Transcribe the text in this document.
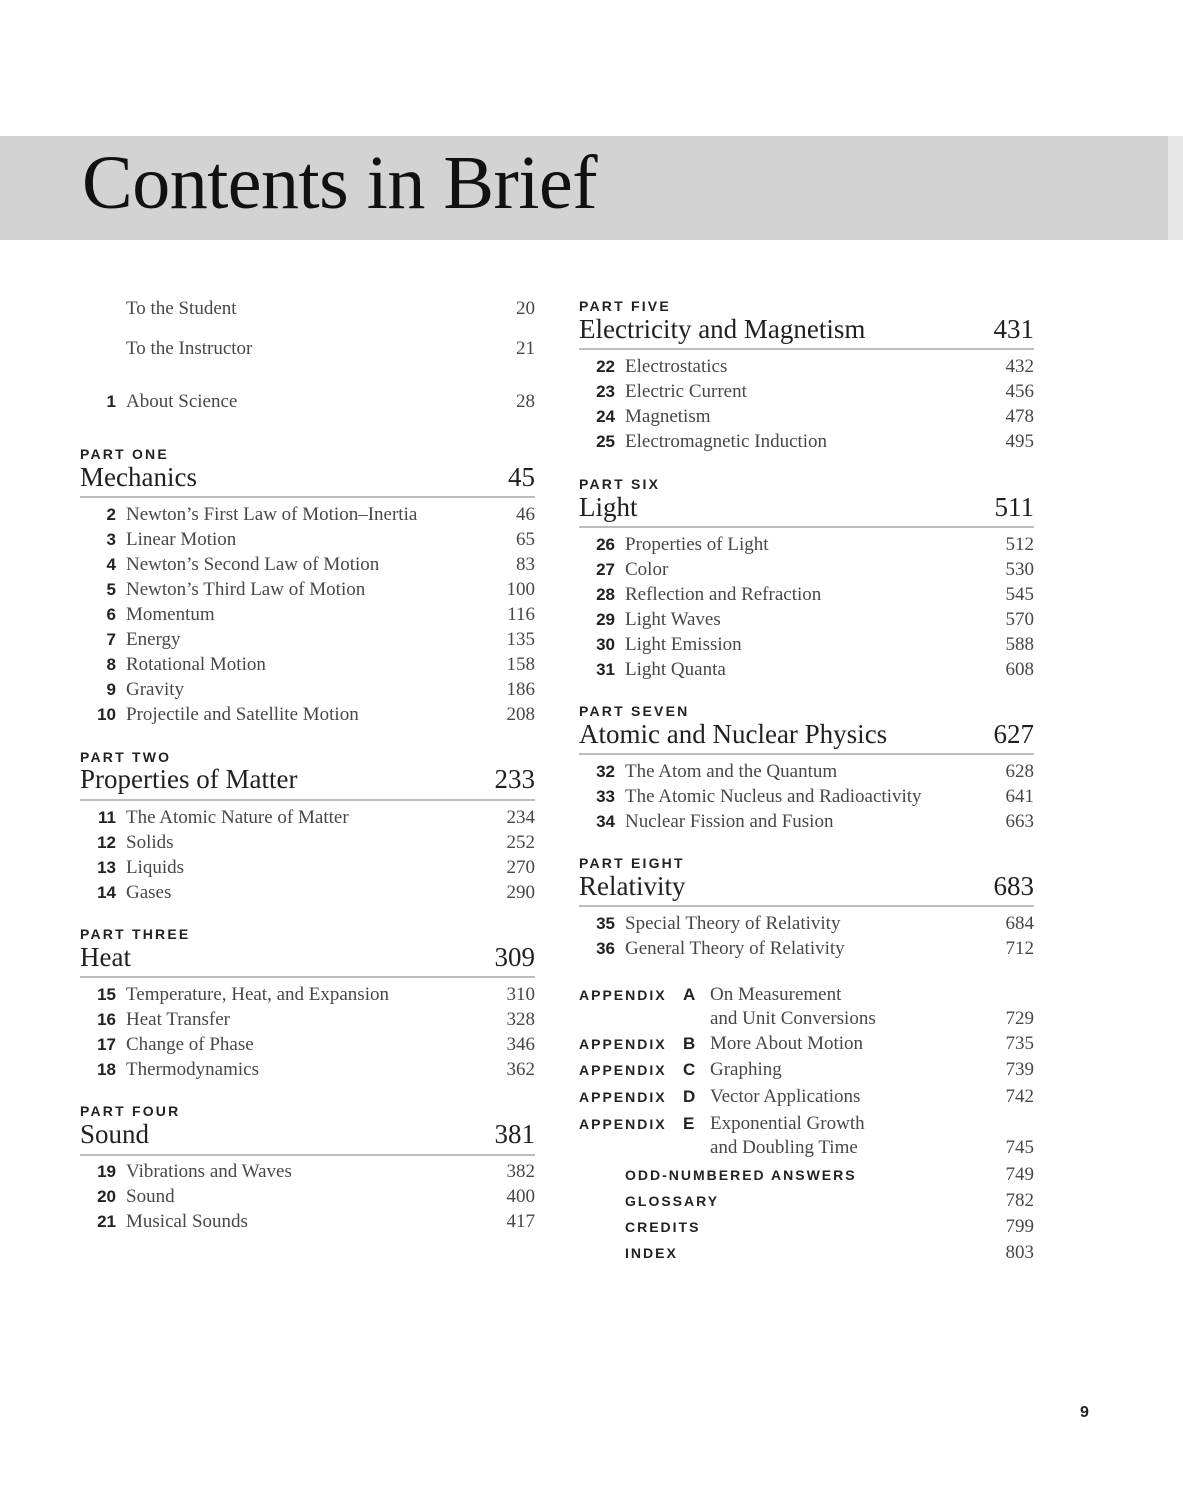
Contents in Brief
To the Student	20
To the Instructor	21
1 About Science	28
PART ONE
Mechanics	45
2 Newton’s First Law of Motion–Inertia	46
3 Linear Motion	65
4 Newton’s Second Law of Motion	83
5 Newton’s Third Law of Motion	100
6 Momentum	116
7 Energy	135
8 Rotational Motion	158
9 Gravity	186
10 Projectile and Satellite Motion	208
PART TWO
Properties of Matter	233
11 The Atomic Nature of Matter	234
12 Solids	252
13 Liquids	270
14 Gases	290
PART THREE
Heat	309
15 Temperature, Heat, and Expansion	310
16 Heat Transfer	328
17 Change of Phase	346
18 Thermodynamics	362
PART FOUR
Sound	381
19 Vibrations and Waves	382
20 Sound	400
21 Musical Sounds	417
PART FIVE
Electricity and Magnetism	431
22 Electrostatics	432
23 Electric Current	456
24 Magnetism	478
25 Electromagnetic Induction	495
PART SIX
Light	511
26 Properties of Light	512
27 Color	530
28 Reflection and Refraction	545
29 Light Waves	570
30 Light Emission	588
31 Light Quanta	608
PART SEVEN
Atomic and Nuclear Physics	627
32 The Atom and the Quantum	628
33 The Atomic Nucleus and Radioactivity	641
34 Nuclear Fission and Fusion	663
PART EIGHT
Relativity	683
35 Special Theory of Relativity	684
36 General Theory of Relativity	712
APPENDIX A On Measurement
and Unit Conversions	729
APPENDIX B More About Motion	735
APPENDIX C Graphing	739
APPENDIX D Vector Applications	742
APPENDIX E Exponential Growth
and Doubling Time	745
ODD-NUMBERED ANSWERS	749
GLOSSARY	782
CREDITS	799
INDEX	803
9
